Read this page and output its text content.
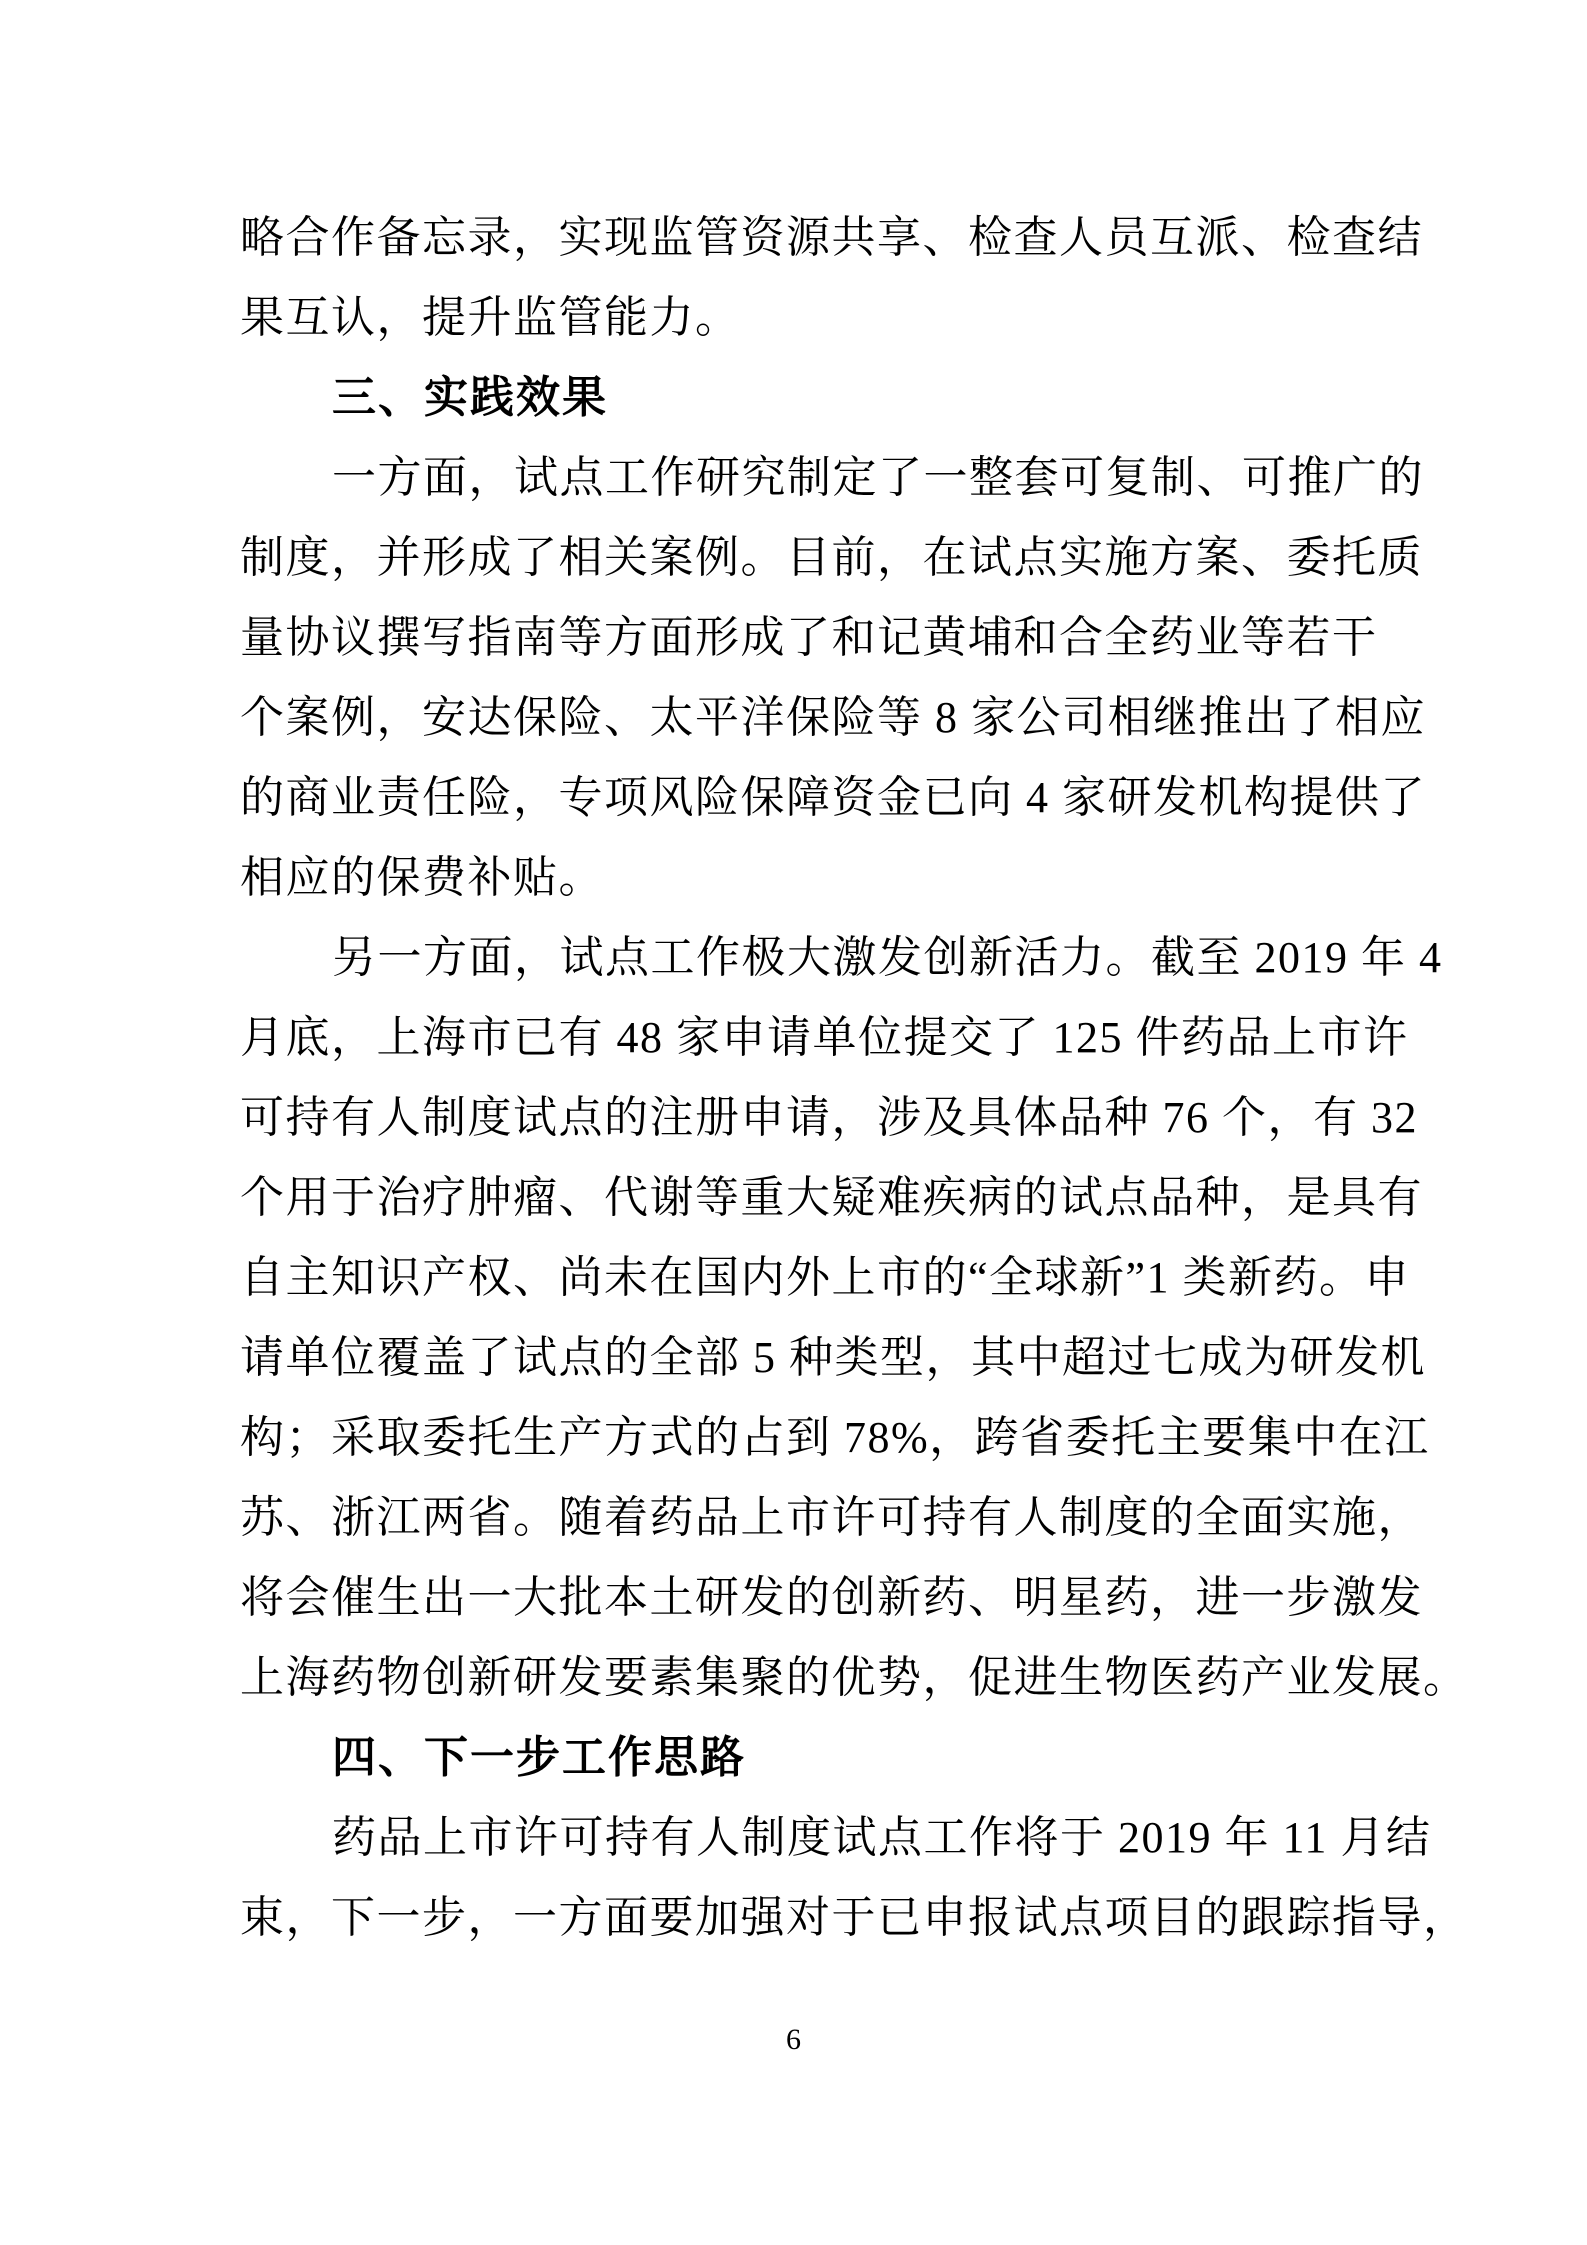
略合作备忘录，实现监管资源共享、检查人员互派、检查结
果互认，提升监管能力。
三、实践效果
一方面，试点工作研究制定了一整套可复制、可推广的
制度，并形成了相关案例。目前，在试点实施方案、委托质
量协议撰写指南等方面形成了和记黄埔和合全药业等若干
个案例，安达保险、太平洋保险等 8 家公司相继推出了相应
的商业责任险，专项风险保障资金已向 4 家研发机构提供了
相应的保费补贴。
另一方面，试点工作极大激发创新活力。截至 2019 年 4
月底，上海市已有 48 家申请单位提交了 125 件药品上市许
可持有人制度试点的注册申请，涉及具体品种 76 个，有 32
个用于治疗肿瘤、代谢等重大疑难疾病的试点品种，是具有
自主知识产权、尚未在国内外上市的“全球新”1 类新药。申
请单位覆盖了试点的全部 5 种类型，其中超过七成为研发机
构；采取委托生产方式的占到 78%，跨省委托主要集中在江
苏、浙江两省。随着药品上市许可持有人制度的全面实施，
将会催生出一大批本土研发的创新药、明星药，进一步激发
上海药物创新研发要素集聚的优势，促进生物医药产业发展。
四、下一步工作思路
药品上市许可持有人制度试点工作将于 2019 年 11 月结
束，下一步，一方面要加强对于已申报试点项目的跟踪指导，
6
